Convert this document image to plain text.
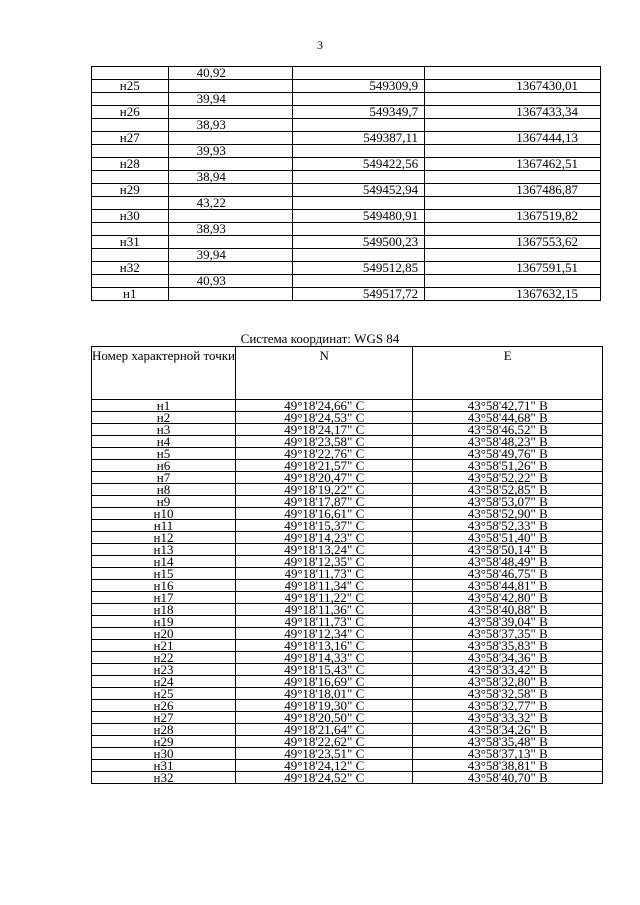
3
	40,92		
н25		549309,9	1367430,01
	39,94		
н26		549349,7	1367433,34
	38,93		
н27		549387,11	1367444,13
	39,93		
н28		549422,56	1367462,51
	38,94		
н29		549452,94	1367486,87
	43,22		
н30		549480,91	1367519,82
	38,93		
н31		549500,23	1367553,62
	39,94		
н32		549512,85	1367591,51
	40,93		
н1		549517,72	1367632,15
Система координат: WGS 84
Номер характерной точки	N	E
н1	49°18'24,66" С	43°58'42,71" В
н2	49°18'24,53" С	43°58'44,68" В
н3	49°18'24,17" С	43°58'46,52" В
н4	49°18'23,58" С	43°58'48,23" В
н5	49°18'22,76" С	43°58'49,76" В
н6	49°18'21,57" С	43°58'51,26" В
н7	49°18'20,47" С	43°58'52,22" В
н8	49°18'19,22" С	43°58'52,85" В
н9	49°18'17,87" С	43°58'53,07" В
н10	49°18'16,61" С	43°58'52,90" В
н11	49°18'15,37" С	43°58'52,33" В
н12	49°18'14,23" С	43°58'51,40" В
н13	49°18'13,24" С	43°58'50,14" В
н14	49°18'12,35" С	43°58'48,49" В
н15	49°18'11,73" С	43°58'46,75" В
н16	49°18'11,34" С	43°58'44,81" В
н17	49°18'11,22" С	43°58'42,80" В
н18	49°18'11,36" С	43°58'40,88" В
н19	49°18'11,73" С	43°58'39,04" В
н20	49°18'12,34" С	43°58'37,35" В
н21	49°18'13,16" С	43°58'35,83" В
н22	49°18'14,33" С	43°58'34,36" В
н23	49°18'15,43" С	43°58'33,42" В
н24	49°18'16,69" С	43°58'32,80" В
н25	49°18'18,01" С	43°58'32,58" В
н26	49°18'19,30" С	43°58'32,77" В
н27	49°18'20,50" С	43°58'33,32" В
н28	49°18'21,64" С	43°58'34,26" В
н29	49°18'22,62" С	43°58'35,48" В
н30	49°18'23,51" С	43°58'37,13" В
н31	49°18'24,12" С	43°58'38,81" В
н32	49°18'24,52" С	43°58'40,70" В
